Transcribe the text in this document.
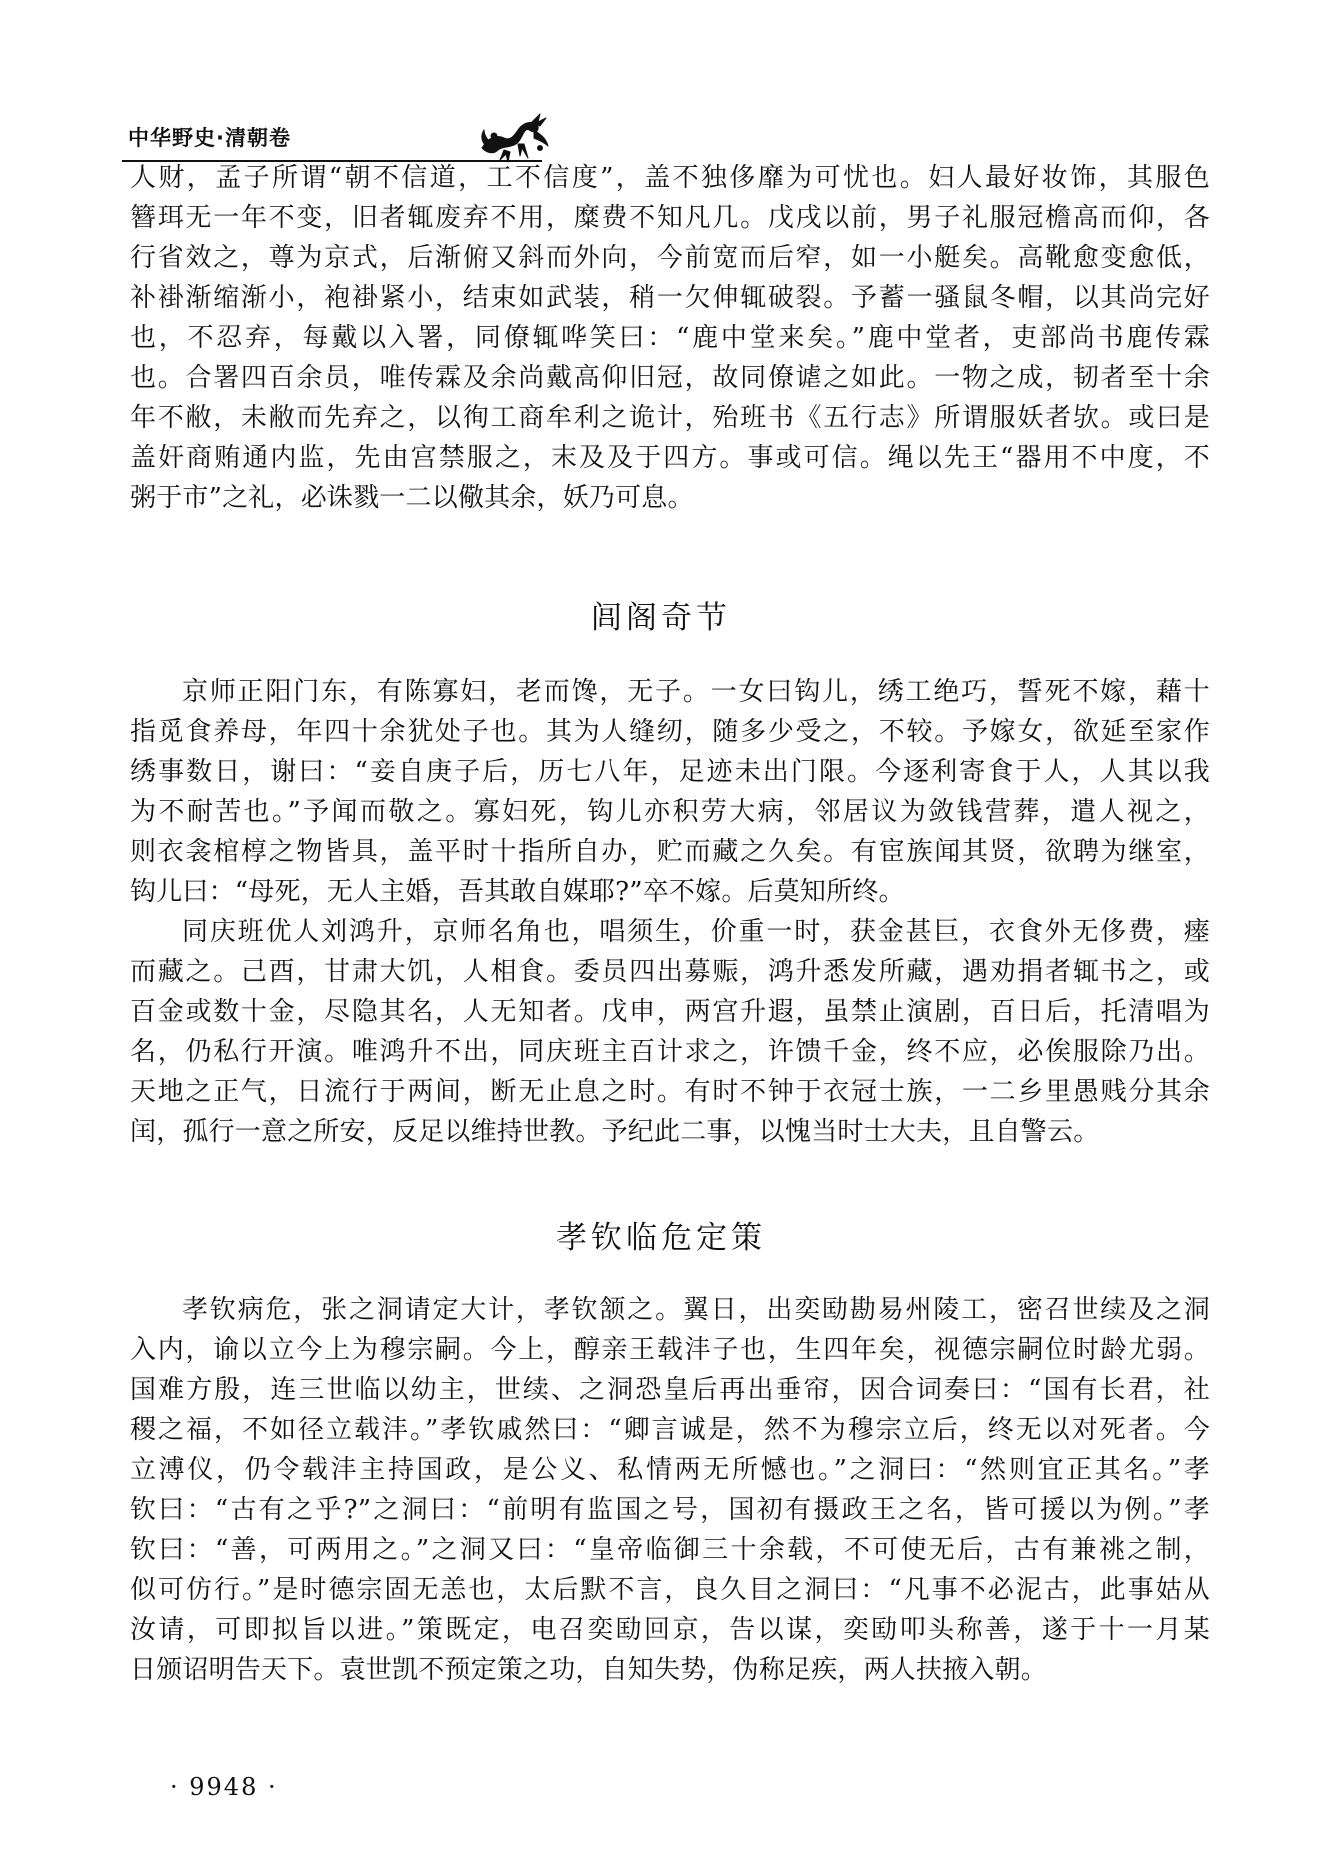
中华野史·清朝卷
人财，孟子所谓“朝不信道，工不信度”，盖不独侈靡为可忧也。妇人最好妆饰，其服色
簪珥无一年不变，旧者辄废弃不用，糜费不知凡几。戊戌以前，男子礼服冠檐高而仰，各
行省效之，尊为京式，后渐俯又斜而外向，今前宽而后窄，如一小艇矣。高靴愈变愈低，
补褂渐缩渐小，袍褂紧小，结束如武装，稍一欠伸辄破裂。予蓄一骚鼠冬帽，以其尚完好
也，不忍弃，每戴以入署，同僚辄哗笑曰：“鹿中堂来矣。”鹿中堂者，吏部尚书鹿传霖
也。合署四百余员，唯传霖及余尚戴高仰旧冠，故同僚谑之如此。一物之成，韧者至十余
年不敝，未敝而先弃之，以徇工商牟利之诡计，殆班书《五行志》所谓服妖者欤。或曰是
盖奸商贿通内监，先由宫禁服之，末及及于四方。事或可信。绳以先王“器用不中度，不
粥于市”之礼，必诛戮一二以儆其余，妖乃可息。
闾阁奇节
京师正阳门东，有陈寡妇，老而馋，无子。一女曰钩儿，绣工绝巧，誓死不嫁，藉十
指觅食养母，年四十余犹处子也。其为人缝纫，随多少受之，不较。予嫁女，欲延至家作
绣事数日，谢曰：“妾自庚子后，历七八年，足迹未出门限。今逐利寄食于人，人其以我
为不耐苦也。”予闻而敬之。寡妇死，钩儿亦积劳大病，邻居议为敛钱营葬，遣人视之，
则衣衾棺椁之物皆具，盖平时十指所自办，贮而藏之久矣。有宦族闻其贤，欲聘为继室，
钩儿曰：“母死，无人主婚，吾其敢自媒耶?”卒不嫁。后莫知所终。
同庆班优人刘鸿升，京师名角也，唱须生，价重一时，获金甚巨，衣食外无侈费，瘗
而藏之。己酉，甘肃大饥，人相食。委员四出募赈，鸿升悉发所藏，遇劝捐者辄书之，或
百金或数十金，尽隐其名，人无知者。戊申，两宫升遐，虽禁止演剧，百日后，托清唱为
名，仍私行开演。唯鸿升不出，同庆班主百计求之，许馈千金，终不应，必俟服除乃出。
天地之正气，日流行于两间，断无止息之时。有时不钟于衣冠士族，一二乡里愚贱分其余
闰，孤行一意之所安，反足以维持世教。予纪此二事，以愧当时士大夫，且自警云。
孝钦临危定策
孝钦病危，张之洞请定大计，孝钦颔之。翼日，出奕劻勘易州陵工，密召世续及之洞
入内，谕以立今上为穆宗嗣。今上，醇亲王载沣子也，生四年矣，视德宗嗣位时龄尤弱。
国难方殷，连三世临以幼主，世续、之洞恐皇后再出垂帘，因合词奏曰：“国有长君，社
稷之福，不如径立载沣。”孝钦戚然曰：“卿言诚是，然不为穆宗立后，终无以对死者。今
立溥仪，仍令载沣主持国政，是公义、私情两无所憾也。”之洞曰：“然则宜正其名。”孝
钦曰：“古有之乎?”之洞曰：“前明有监国之号，国初有摄政王之名，皆可援以为例。”孝
钦曰：“善，可两用之。”之洞又曰：“皇帝临御三十余载，不可使无后，古有兼祧之制，
似可仿行。”是时德宗固无恙也，太后默不言，良久目之洞曰：“凡事不必泥古，此事姑从
汝请，可即拟旨以进。”策既定，电召奕劻回京，告以谋，奕劻叩头称善，遂于十一月某
日颁诏明告天下。袁世凯不预定策之功，自知失势，伪称足疾，两人扶掖入朝。
· 9948 ·
